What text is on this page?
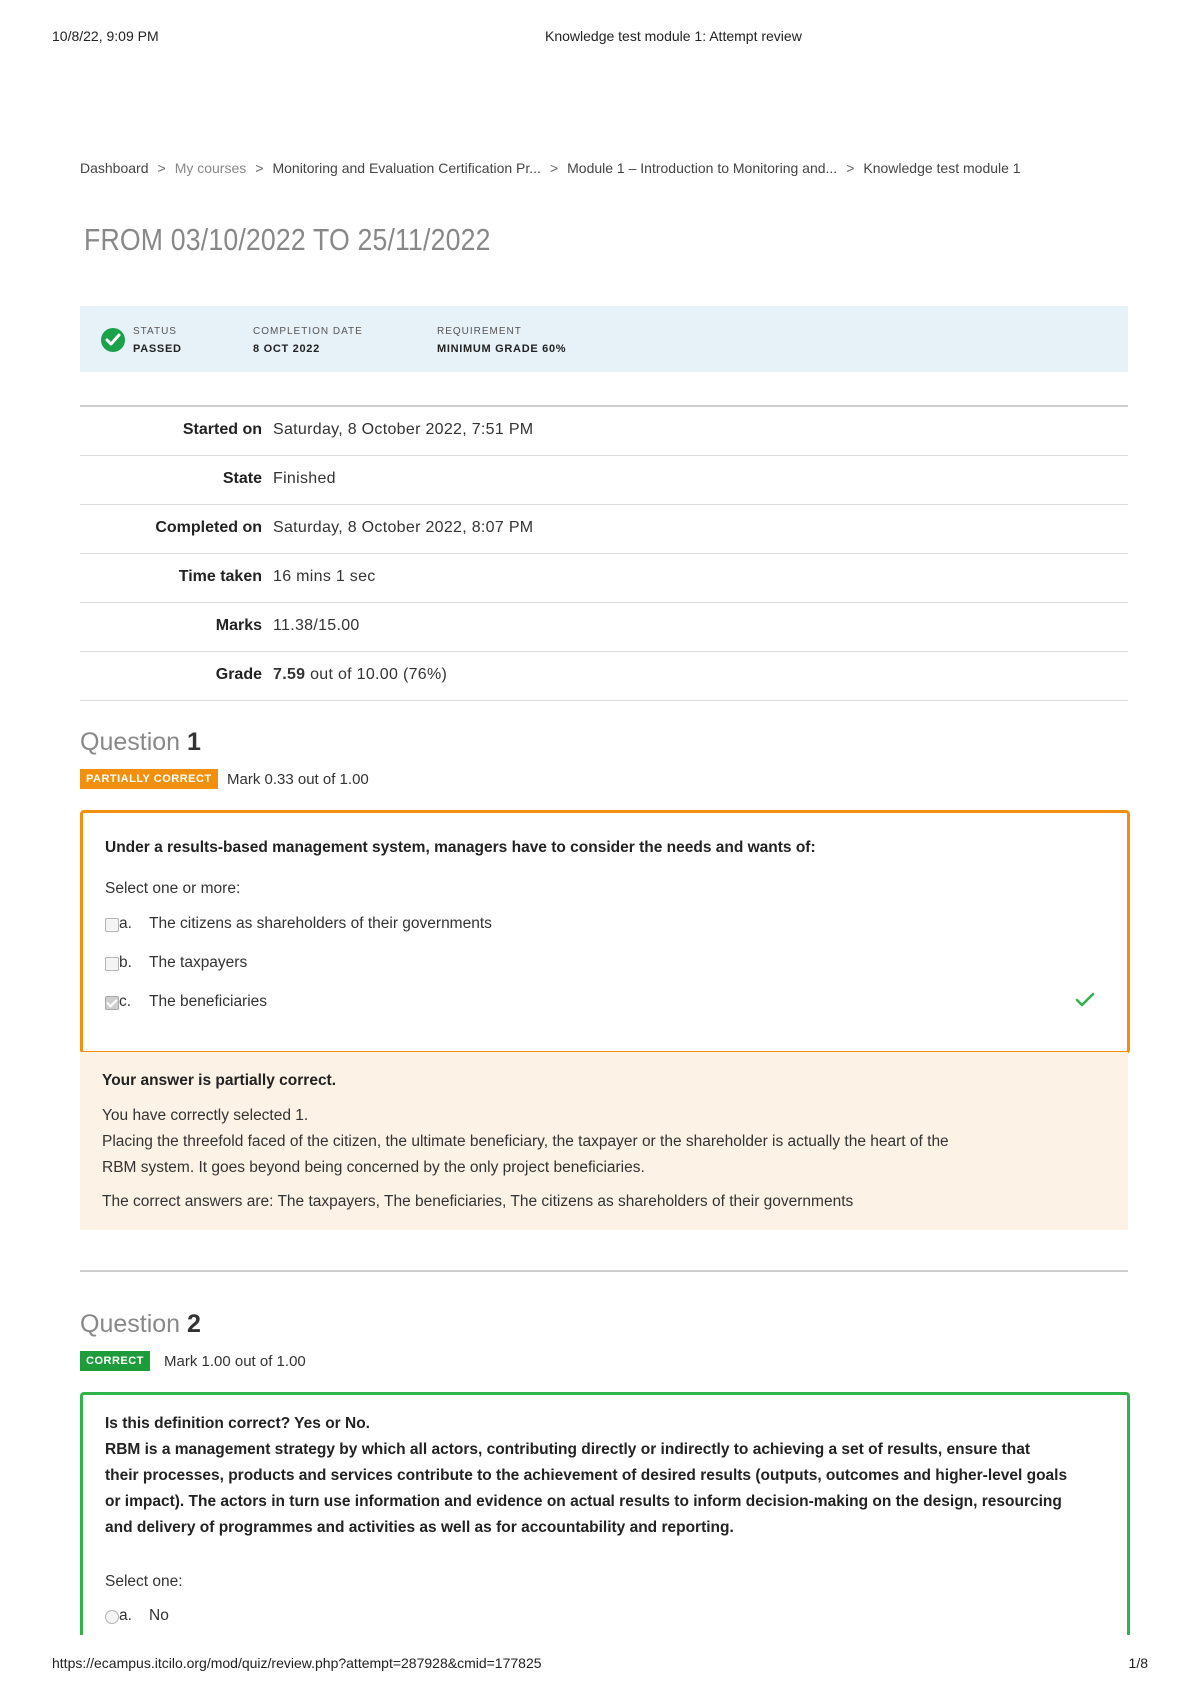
10/8/22, 9:09 PM	Knowledge test module 1: Attempt review
Dashboard > My courses > Monitoring and Evaluation Certification Pr... > Module 1 – Introduction to Monitoring and... > Knowledge test module 1
FROM 03/10/2022 TO 25/11/2022
STATUS
PASSED
COMPLETION DATE
8 OCT 2022
REQUIREMENT
MINIMUM GRADE 60%
Started on Saturday, 8 October 2022, 7:51 PM
State Finished
Completed on Saturday, 8 October 2022, 8:07 PM
Time taken 16 mins 1 sec
Marks 11.38/15.00
Grade 7.59 out of 10.00 (76%)
Question 1
PARTIALLY CORRECT	Mark 0.33 out of 1.00
Under a results-based management system, managers have to consider the needs and wants of:
Select one or more:
a. The citizens as shareholders of their governments
b. The taxpayers
c. The beneficiaries
Your answer is partially correct.
You have correctly selected 1.
Placing the threefold faced of the citizen, the ultimate beneficiary, the taxpayer or the shareholder is actually the heart of the
RBM system. It goes beyond being concerned by the only project beneficiaries.
The correct answers are: The taxpayers, The beneficiaries, The citizens as shareholders of their governments
Question 2
CORRECT	Mark 1.00 out of 1.00
Is this definition correct? Yes or No.
RBM is a management strategy by which all actors, contributing directly or indirectly to achieving a set of results, ensure that
their processes, products and services contribute to the achievement of desired results (outputs, outcomes and higher-level goals
or impact). The actors in turn use information and evidence on actual results to inform decision-making on the design, resourcing
and delivery of programmes and activities as well as for accountability and reporting.
Select one:
a. No
https://ecampus.itcilo.org/mod/quiz/review.php?attempt=287928&cmid=177825	1/8
